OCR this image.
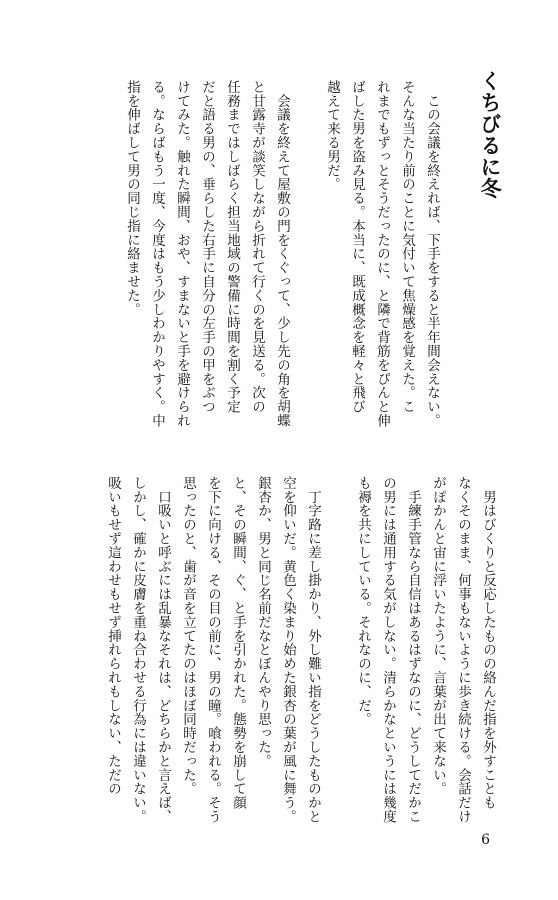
くちびるに冬
　この会議を終えれば、下手をすると半年間会えない。
そんな当たり前のことに気付いて焦燥感を覚えた。こ
れまでもずっとそうだったのに、と隣で背筋をぴんと伸
ばした男を盗み見る。本当に、既成概念を軽々と飛び
越えて来る男だ。

　会議を終えて屋敷の門をくぐって、少し先の角を胡蝶
と甘露寺が談笑しながら折れて行くのを見送る。次の
任務まではしばらく担当地域の警備に時間を割く予定
だと語る男の、垂らした右手に自分の左手の甲をぶつ
けてみた。触れた瞬間、おや、すまないと手を避けられ
る。ならばもう一度、今度はもう少しわかりやすく。中
指を伸ばして男の同じ指に絡ませた。
　男はびくりと反応したものの絡んだ指を外すことも
なくそのまま、何事もないように歩き続ける。会話だけ
がぽかんと宙に浮いたように、言葉が出て来ない。
　手練手管なら自信はあるはずなのに、どうしてだかこ
の男には通用する気がしない。清らかなというには幾度
も褥を共にしている。それなのに、だ。

　丁字路に差し掛かり、外し難い指をどうしたものかと
空を仰いだ。黄色く染まり始めた銀杏の葉が風に舞う。
銀杏か、男と同じ名前だなとぼんやり思った。
と、その瞬間、ぐ、と手を引かれた。態勢を崩して顔
を下に向ける、その目の前に、男の瞳。喰われる。そう
思ったのと、歯が音を立てたのはほぼ同時だった。
　口吸いと呼ぶには乱暴なそれは、どちらかと言えば、
しかし、確かに皮膚を重ね合わせる行為には違いない。
吸いもせず這わせもせず挿れられもしない、ただの
6
